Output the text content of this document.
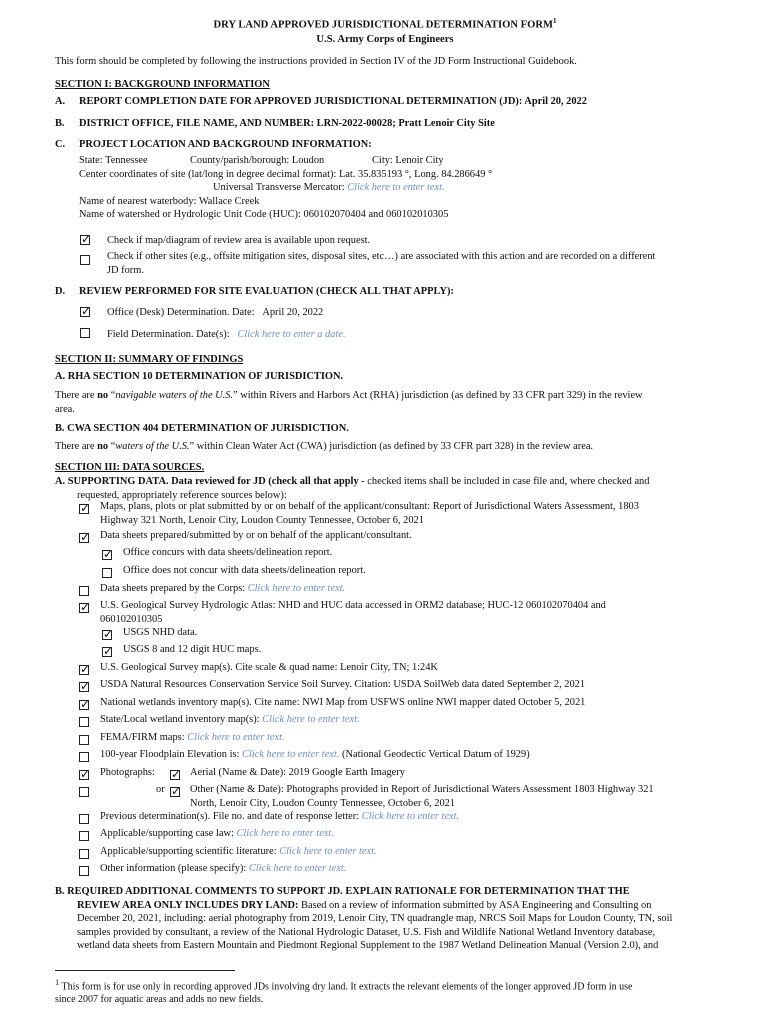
DRY LAND APPROVED JURISDICTIONAL DETERMINATION FORM$^1$
U.S. Army Corps of Engineers
This form should be completed by following the instructions provided in Section IV of the JD Form Instructional Guidebook.
SECTION I: BACKGROUND INFORMATION
A. REPORT COMPLETION DATE FOR APPROVED JURISDICTIONAL DETERMINATION (JD): April 20, 2022
B. DISTRICT OFFICE, FILE NAME, AND NUMBER: LRN-2022-00028; Pratt Lenoir City Site
C. PROJECT LOCATION AND BACKGROUND INFORMATION:
State: Tennessee	County/parish/borough: Loudon	City: Lenoir City
Center coordinates of site (lat/long in degree decimal format): Lat. 35.835193 °, Long. 84.286649 °
Universal Transverse Mercator: Click here to enter text.
Name of nearest waterbody: Wallace Creek
Name of watershed or Hydrologic Unit Code (HUC): 060102070404 and 060102010305
✓
Check if map/diagram of review area is available upon request.
Check if other sites (e.g., offsite mitigation sites, disposal sites, etc…) are associated with this action and are recorded on a different
JD form.
D. REVIEW PERFORMED FOR SITE EVALUATION (CHECK ALL THAT APPLY):
✓
Office (Desk) Determination. Date: April 20, 2022
Field Determination. Date(s): Click here to enter a date.
SECTION II: SUMMARY OF FINDINGS
A. RHA SECTION 10 DETERMINATION OF JURISDICTION.
There are no “navigable waters of the U.S.” within Rivers and Harbors Act (RHA) jurisdiction (as defined by 33 CFR part 329) in the review
area.
B. CWA SECTION 404 DETERMINATION OF JURISDICTION.
There are no “waters of the U.S.” within Clean Water Act (CWA) jurisdiction (as defined by 33 CFR part 328) in the review area.
SECTION III: DATA SOURCES.
A. SUPPORTING DATA. Data reviewed for JD (check all that apply - checked items shall be included in case file and, where checked and
requested, appropriately reference sources below):
✓
Maps, plans, plots or plat submitted by or on behalf of the applicant/consultant: Report of Jurisdictional Waters Assessment, 1803
Highway 321 North, Lenoir City, Loudon County Tennessee, October 6, 2021
✓
Data sheets prepared/submitted by or on behalf of the applicant/consultant.
✓
Office concurs with data sheets/delineation report.
Office does not concur with data sheets/delineation report.
Data sheets prepared by the Corps: Click here to enter text.
✓
U.S. Geological Survey Hydrologic Atlas: NHD and HUC data accessed in ORM2 database; HUC-12 060102070404 and
060102010305
✓
USGS NHD data.
✓
USGS 8 and 12 digit HUC maps.
✓
U.S. Geological Survey map(s). Cite scale & quad name: Lenoir City, TN; 1:24K
✓
USDA Natural Resources Conservation Service Soil Survey. Citation: USDA SoilWeb data dated September 2, 2021
✓
National wetlands inventory map(s). Cite name: NWI Map from USFWS online NWI mapper dated October 5, 2021
State/Local wetland inventory map(s): Click here to enter text.
FEMA/FIRM maps: Click here to enter text.
100-year Floodplain Elevation is: Click here to enter text. (National Geodectic Vertical Datum of 1929)
✓
Photographs:
Previous determination(s). File no. and date of response letter: Click here to enter text.
Applicable/supporting case law: Click here to enter text.
Applicable/supporting scientific literature: Click here to enter text.
Other information (please specify): Click here to enter text.
✓
Aerial (Name & Date): 2019 Google Earth Imagery
or
✓ Other (Name & Date): Photographs provided in Report of Jurisdictional Waters Assessment 1803 Highway 321
North, Lenoir City, Loudon County Tennessee, October 6, 2021
B. REQUIRED ADDITIONAL COMMENTS TO SUPPORT JD. EXPLAIN RATIONALE FOR DETERMINATION THAT THE
REVIEW AREA ONLY INCLUDES DRY LAND: Based on a review of information submitted by ASA Engineering and Consulting on
December 20, 2021, including: aerial photography from 2019, Lenoir City, TN quadrangle map, NRCS Soil Maps for Loudon County, TN, soil
samples provided by consultant, a review of the National Hydrologic Dataset, U.S. Fish and Wildlife National Wetland Inventory database,
wetland data sheets from Eastern Mountain and Piedmont Regional Supplement to the 1987 Wetland Delineation Manual (Version 2.0), and
$^1$ This form is for use only in recording approved JDs involving dry land. It extracts the relevant elements of the longer approved JD form in use
since 2007 for aquatic areas and adds no new fields.
